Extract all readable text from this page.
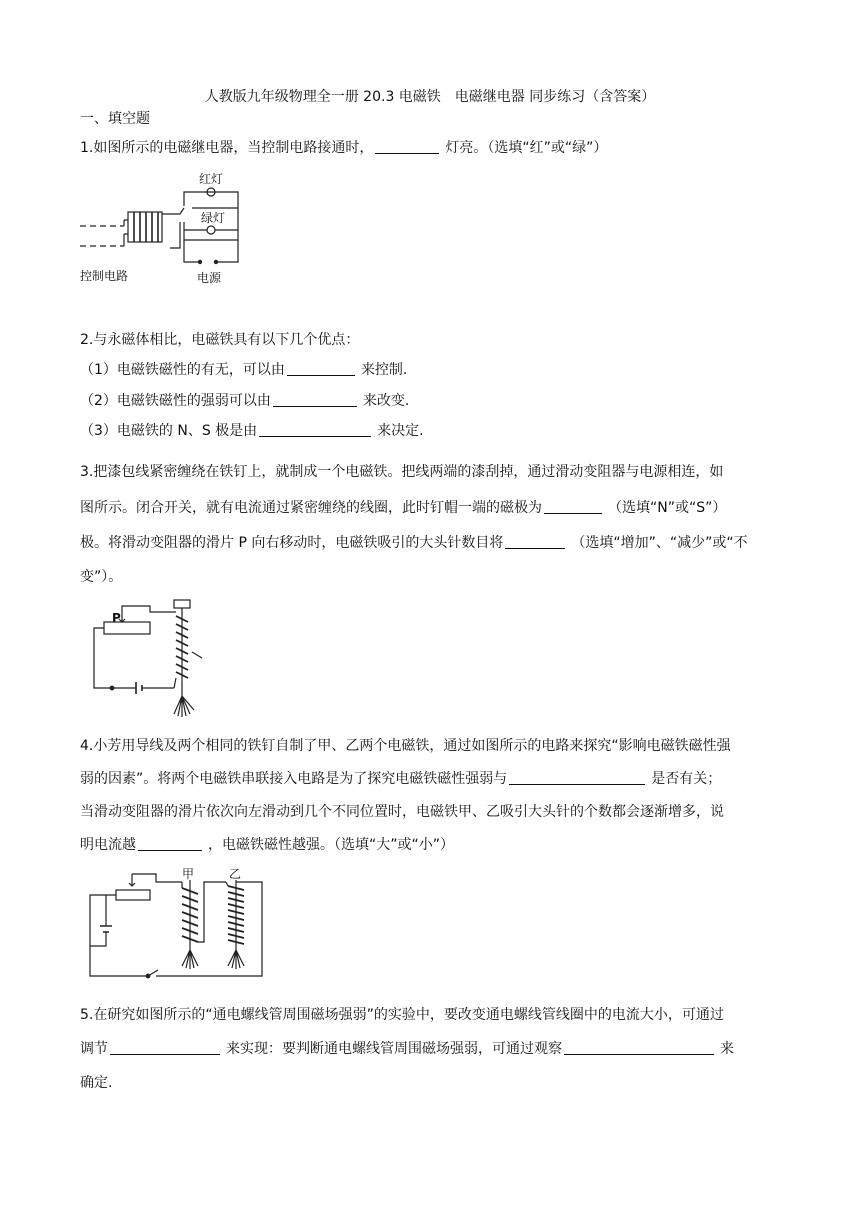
人教版九年级物理全一册 20.3 电磁铁　电磁继电器 同步练习（含答案）
一、填空题
1.如图所示的电磁继电器，当控制电路接通时，	灯亮。（选填“红”或“绿”）
红灯
绿灯
控制电路	电源
2.与永磁体相比，电磁铁具有以下几个优点：
（1）电磁铁磁性的有无，可以由	来控制.
（2）电磁铁磁性的强弱可以由	来改变.
（3）电磁铁的 N、S 极是由	来决定.
3.把漆包线紧密缠绕在铁钉上，就制成一个电磁铁。把线两端的漆刮掉，通过滑动变阻器与电源相连，如
图所示。闭合开关，就有电流通过紧密缠绕的线圈，此时钉帽一端的磁极为	（选填“N”或“S”）
极。将滑动变阻器的滑片 P 向右移动时，电磁铁吸引的大头针数目将	（选填“增加”、“减少”或“不
变”）。
P
4.小芳用导线及两个相同的铁钉自制了甲、乙两个电磁铁，通过如图所示的电路来探究“影响电磁铁磁性强
弱的因素”。将两个电磁铁串联接入电路是为了探究电磁铁磁性强弱与	是否有关；
当滑动变阻器的滑片依次向左滑动到几个不同位置时，电磁铁甲、乙吸引大头针的个数都会逐渐增多，说
明电流越	，电磁铁磁性越强。（选填“大”或“小”）
甲	乙
5.在研究如图所示的“通电螺线管周围磁场强弱”的实验中，要改变通电螺线管线圈中的电流大小，可通过
调节	来实现：要判断通电螺线管周围磁场强弱，可通过观察	来
确定.
